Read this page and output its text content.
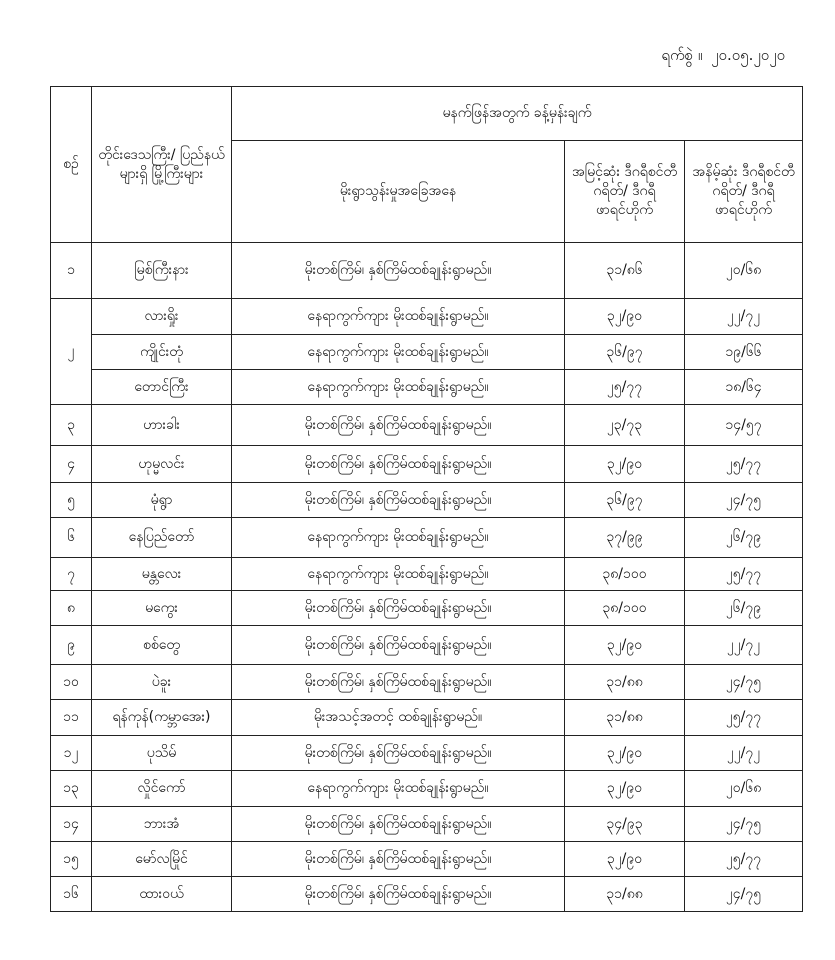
ရက်စွဲ ။ ၂၀.၀၅.၂၀၂၀
စဉ်	တိုင်းဒေသကြီး/ ပြည်နယ်များရှိ မြို့ကြီးများ	မနက်ဖြန်အတွက် ခန့်မှန်းချက်		
		မိုးရွာသွန်းမှုအခြေအနေ	အမြင့်ဆုံး ဒီဂရီစင်တီဂရိတ်/ ဒီဂရီဖာရင်ဟိုက်	အနိမ့်ဆုံး ဒီဂရီစင်တီဂရိတ်/ ဒီဂရီဖာရင်ဟိုက်
၁	မြစ်ကြီးနား	မိုးတစ်ကြိမ်၊ နှစ်ကြိမ်ထစ်ချုန်းရွာမည်။	၃၁/၈၆	၂၀/၆၈
၂	လားရှိုး	နေရာကွက်ကျား မိုးထစ်ချုန်းရွာမည်။	၃၂/၉၀	၂၂/၇၂
	ကျိုင်းတုံ	နေရာကွက်ကျား မိုးထစ်ချုန်းရွာမည်။	၃၆/၉၇	၁၉/၆၆
	တောင်ကြီး	နေရာကွက်ကျား မိုးထစ်ချုန်းရွာမည်။	၂၅/၇၇	၁၈/၆၄
၃	ဟားခါး	မိုးတစ်ကြိမ်၊ နှစ်ကြိမ်ထစ်ချုန်းရွာမည်။	၂၃/၇၃	၁၄/၅၇
၄	ဟုမ္မလင်း	မိုးတစ်ကြိမ်၊ နှစ်ကြိမ်ထစ်ချုန်းရွာမည်။	၃၂/၉၀	၂၅/၇၇
၅	မုံရွာ	မိုးတစ်ကြိမ်၊ နှစ်ကြိမ်ထစ်ချုန်းရွာမည်။	၃၆/၉၇	၂၄/၇၅
၆	နေပြည်တော်	နေရာကွက်ကျား မိုးထစ်ချုန်းရွာမည်။	၃၇/၉၉	၂၆/၇၉
၇	မန္တလေး	နေရာကွက်ကျား မိုးထစ်ချုန်းရွာမည်။	၃၈/၁၀၀	၂၅/၇၇
၈	မကွေး	မိုးတစ်ကြိမ်၊ နှစ်ကြိမ်ထစ်ချုန်းရွာမည်။	၃၈/၁၀၀	၂၆/၇၉
၉	စစ်တွေ	မိုးတစ်ကြိမ်၊ နှစ်ကြိမ်ထစ်ချုန်းရွာမည်။	၃၂/၉၀	၂၂/၇၂
၁၀	ပဲခူး	မိုးတစ်ကြိမ်၊ နှစ်ကြိမ်ထစ်ချုန်းရွာမည်။	၃၁/၈၈	၂၄/၇၅
၁၁	ရန်ကုန်(ကမ္ဘာအေး)	မိုးအသင့်အတင့် ထစ်ချုန်းရွာမည်။	၃၁/၈၈	၂၅/၇၇
၁၂	ပုသိမ်	မိုးတစ်ကြိမ်၊ နှစ်ကြိမ်ထစ်ချုန်းရွာမည်။	၃၂/၉၀	၂၂/၇၂
၁၃	လှိုင်ကော်	နေရာကွက်ကျား မိုးထစ်ချုန်းရွာမည်။	၃၂/၉၀	၂၀/၆၈
၁၄	ဘားအံ	မိုးတစ်ကြိမ်၊ နှစ်ကြိမ်ထစ်ချုန်းရွာမည်။	၃၄/၉၃	၂၄/၇၅
၁၅	မော်လမြိုင်	မိုးတစ်ကြိမ်၊ နှစ်ကြိမ်ထစ်ချုန်းရွာမည်။	၃၂/၉၀	၂၅/၇၇
၁၆	ထားဝယ်	မိုးတစ်ကြိမ်၊ နှစ်ကြိမ်ထစ်ချုန်းရွာမည်။	၃၁/၈၈	၂၄/၇၅
